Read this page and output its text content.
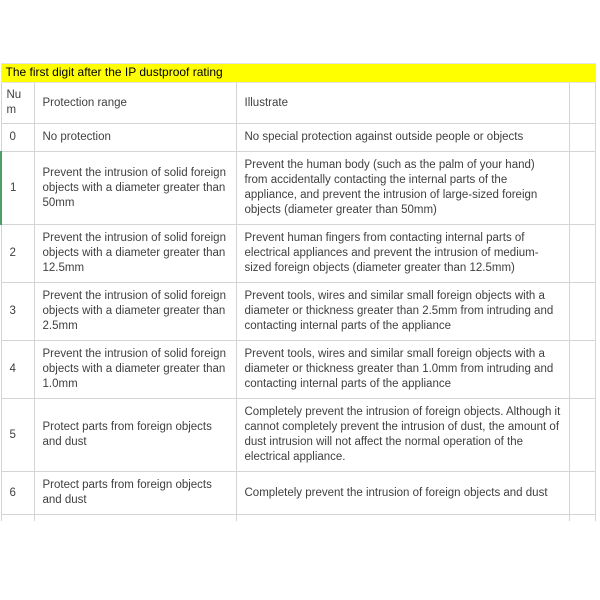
The first digit after the IP dustproof rating			
Num	Protection range	Illustrate	
0	No protection	No special protection against outside people or objects	
1	Prevent the intrusion of solid foreign objects with a diameter greater than 50mm	Prevent the human body (such as the palm of your hand) from accidentally contacting the internal parts of the appliance, and prevent the intrusion of large-sized foreign objects (diameter greater than 50mm)	
2	Prevent the intrusion of solid foreign objects with a diameter greater than 12.5mm	Prevent human fingers from contacting internal parts of electrical appliances and prevent the intrusion of medium-sized foreign objects (diameter greater than 12.5mm)	
3	Prevent the intrusion of solid foreign objects with a diameter greater than 2.5mm	Prevent tools, wires and similar small foreign objects with a diameter or thickness greater than 2.5mm from intruding and contacting internal parts of the appliance	
4	Prevent the intrusion of solid foreign objects with a diameter greater than 1.0mm	Prevent tools, wires and similar small foreign objects with a diameter or thickness greater than 1.0mm from intruding and contacting internal parts of the appliance	
5	Protect parts from foreign objects and dust	Completely prevent the intrusion of foreign objects. Although it cannot completely prevent the intrusion of dust, the amount of dust intrusion will not affect the normal operation of the electrical appliance.	
6	Protect parts from foreign objects and dust	Completely prevent the intrusion of foreign objects and dust	
